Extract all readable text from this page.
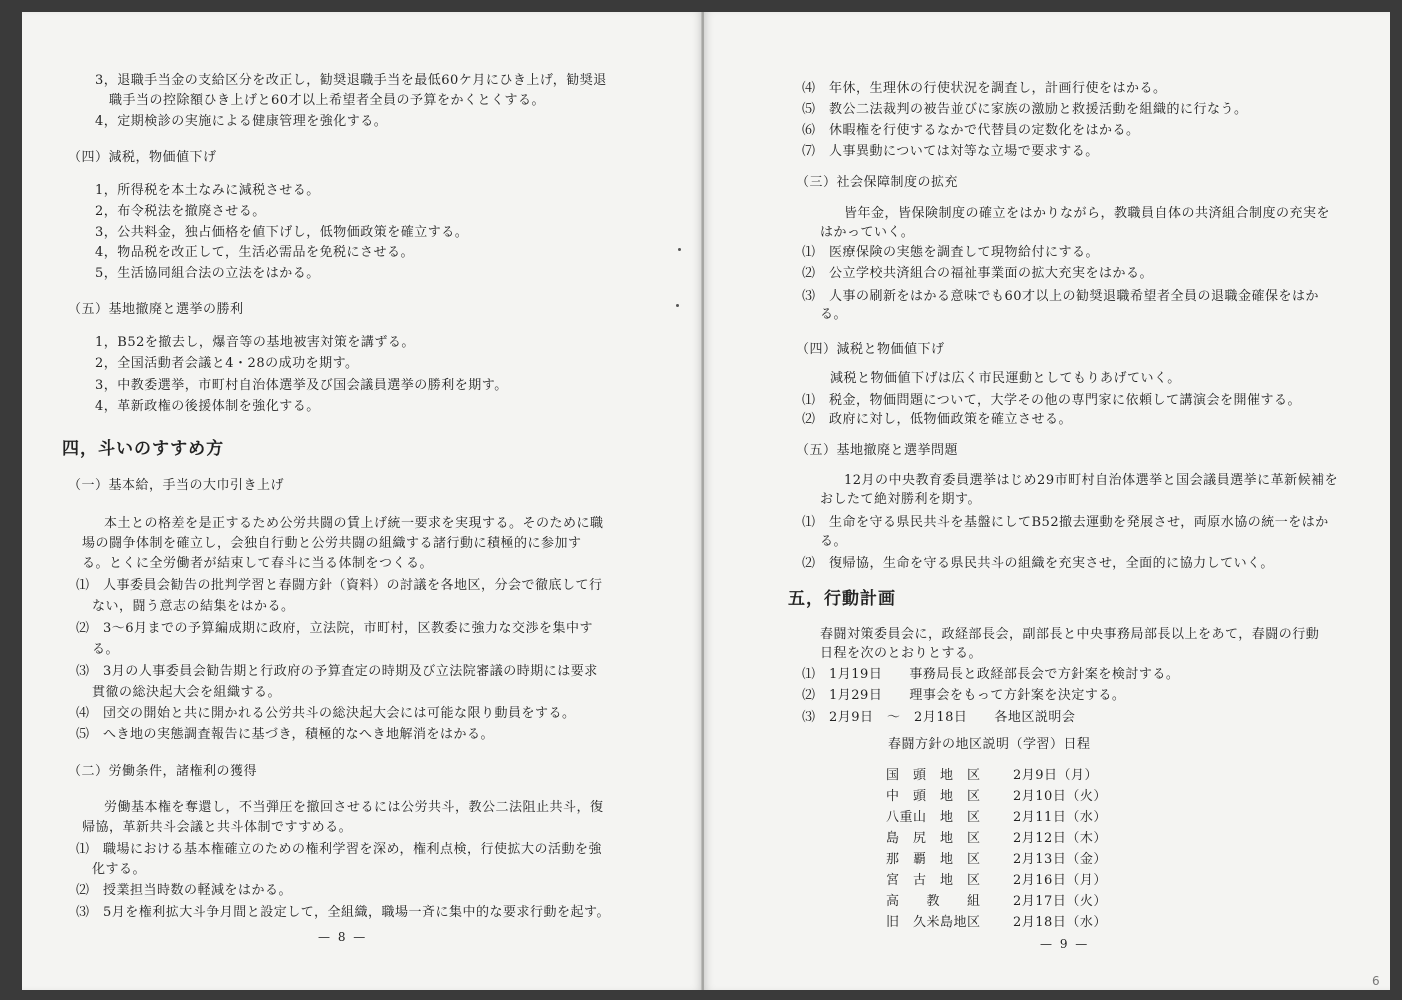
3，退職手当金の支給区分を改正し，勧奨退職手当を最低60ケ月にひき上げ，勧奨退
職手当の控除額ひき上げと60才以上希望者全員の予算をかくとくする。
4，定期検診の実施による健康管理を強化する。
（四）減税，物価値下げ
1，所得税を本土なみに減税させる。
2，布令税法を撤廃させる。
3，公共料金，独占価格を値下げし，低物価政策を確立する。
4，物品税を改正して，生活必需品を免税にさせる。
5，生活協同組合法の立法をはかる。
（五）基地撤廃と選挙の勝利
1，B52を撤去し，爆音等の基地被害対策を講ずる。
2，全国活動者会議と4・28の成功を期す。
3，中教委選挙，市町村自治体選挙及び国会議員選挙の勝利を期す。
4，革新政権の後援体制を強化する。
四，斗いのすすめ方
（一）基本給，手当の大巾引き上げ
本土との格差を是正するため公労共闘の賃上げ統一要求を実現する。そのために職
場の闘争体制を確立し，会独自行動と公労共闘の組織する諸行動に積極的に参加す
る。とくに全労働者が結束して春斗に当る体制をつくる。
⑴　人事委員会勧告の批判学習と春闘方針（資料）の討議を各地区，分会で徹底して行
ない，闘う意志の結集をはかる。
⑵　3～6月までの予算編成期に政府，立法院，市町村，区教委に強力な交渉を集中す
る。
⑶　3月の人事委員会勧告期と行政府の予算査定の時期及び立法院審議の時期には要求
貫徹の総決起大会を組織する。
⑷　団交の開始と共に開かれる公労共斗の総決起大会には可能な限り動員をする。
⑸　へき地の実態調査報告に基づき，積極的なへき地解消をはかる。
（二）労働条件，諸権利の獲得
労働基本権を奪還し，不当弾圧を撤回させるには公労共斗，教公二法阻止共斗，復
帰協，革新共斗会議と共斗体制ですすめる。
⑴　職場における基本権確立のための権利学習を深め，権利点検，行使拡大の活動を強
化する。
⑵　授業担当時数の軽減をはかる。
⑶　5月を権利拡大斗争月間と設定して，全組織，職場一斉に集中的な要求行動を起す。
— 8 —
⑷　年休，生理休の行使状況を調査し，計画行使をはかる。
⑸　教公二法裁判の被告並びに家族の激励と救援活動を組織的に行なう。
⑹　休暇権を行使するなかで代替員の定数化をはかる。
⑺　人事異動については対等な立場で要求する。
（三）社会保障制度の拡充
皆年金，皆保険制度の確立をはかりながら，教職員自体の共済組合制度の充実を
はかっていく。
⑴　医療保険の実態を調査して現物給付にする。
⑵　公立学校共済組合の福祉事業面の拡大充実をはかる。
⑶　人事の刷新をはかる意味でも60才以上の勧奨退職希望者全員の退職金確保をはか
る。
（四）減税と物価値下げ
減税と物価値下げは広く市民運動としてもりあげていく。
⑴　税金，物価問題について，大学その他の専門家に依頼して講演会を開催する。
⑵　政府に対し，低物価政策を確立させる。
（五）基地撤廃と選挙問題
12月の中央教育委員選挙はじめ29市町村自治体選挙と国会議員選挙に革新候補を
おしたて絶対勝利を期す。
⑴　生命を守る県民共斗を基盤にしてB52撤去運動を発展させ，両原水協の統一をはか
る。
⑵　復帰協，生命を守る県民共斗の組織を充実させ，全面的に協力していく。
五，行動計画
春闘対策委員会に，政経部長会，副部長と中央事務局部長以上をあて，春闘の行動
日程を次のとおりとする。
⑴　1月19日　　事務局長と政経部長会で方針案を検討する。
⑵　1月29日　　理事会をもって方針案を決定する。
⑶　2月9日　～　2月18日　　各地区説明会
春闘方針の地区説明（学習）日程
国　頭　地　区 2月9日（月）
中　頭　地　区 2月10日（火）
八重山　地　区 2月11日（水）
島　尻　地　区 2月12日（木）
那　覇　地　区 2月13日（金）
宮　古　地　区 2月16日（月）
高　　教　　組 2月17日（火）
旧　久米島地区 2月18日（水）
— 9 —
6
